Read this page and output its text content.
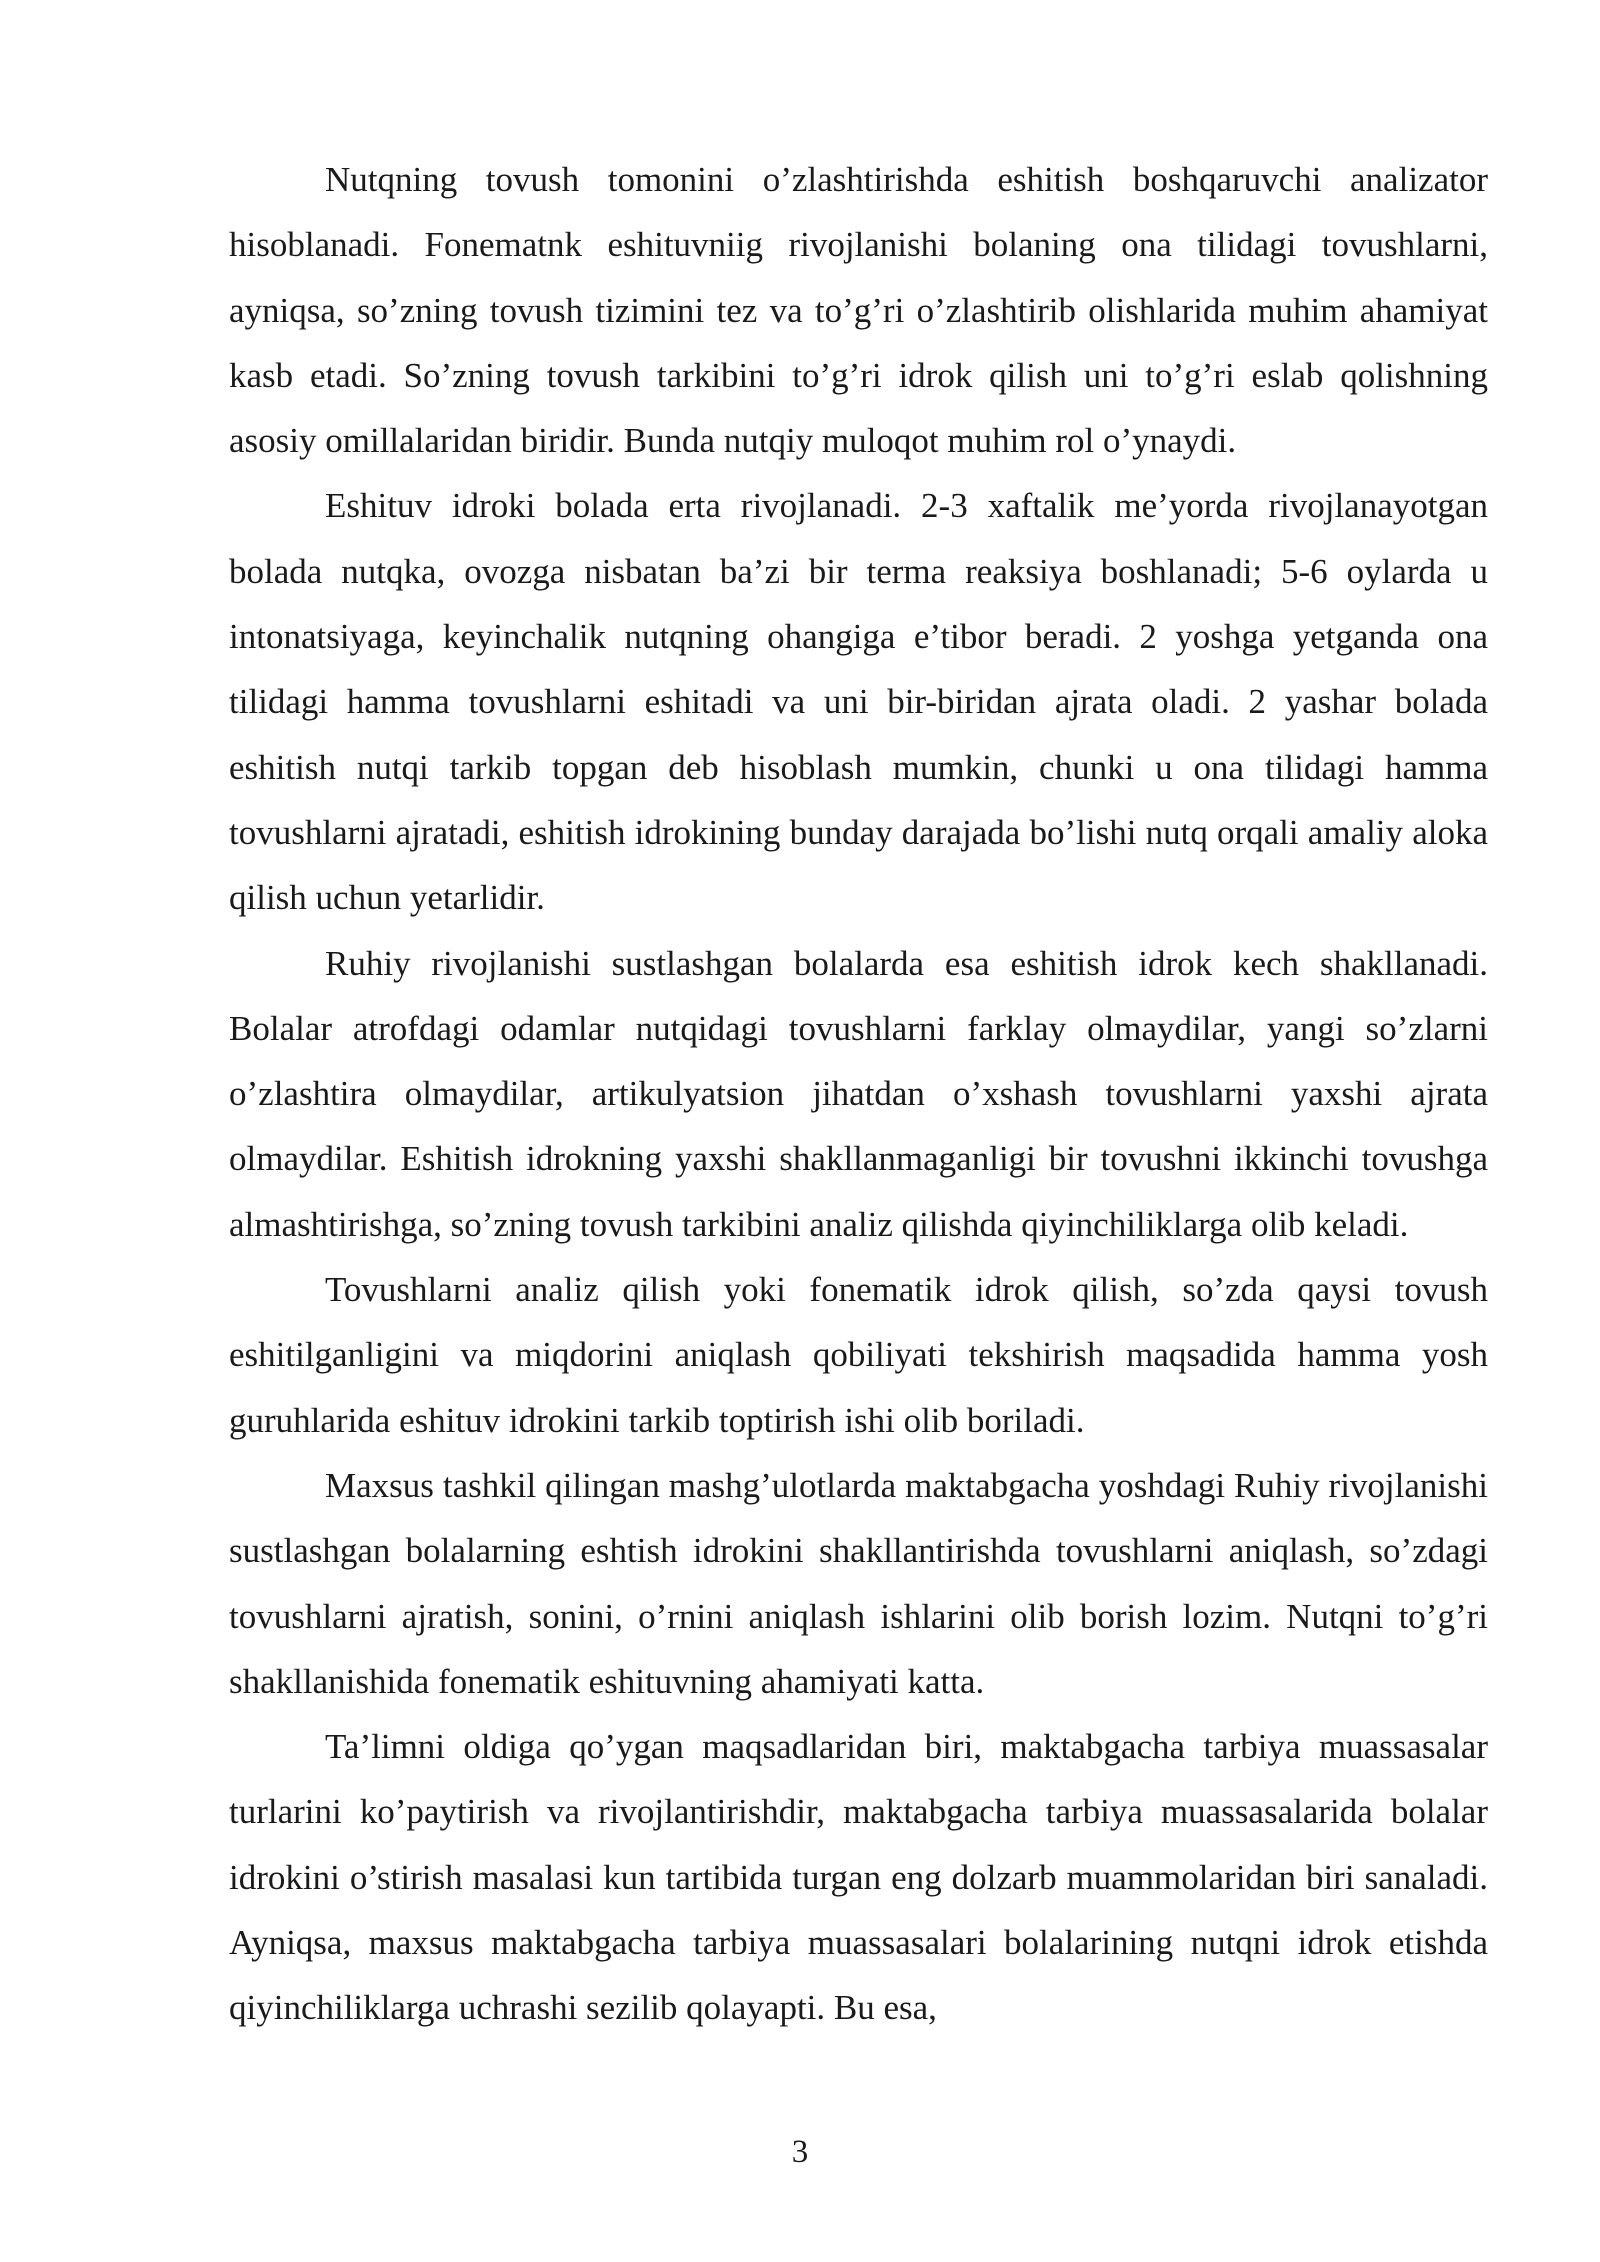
Nutqning tovush tomonini o’zlashtirishda eshitish boshqaruvchi analizator hisoblanadi. Fonematnk eshituvniig rivojlanishi bolaning ona tilidagi tovushlarni, ayniqsa, so’zning tovush tizimini tez va to’g’ri o’zlashtirib olishlarida muhim ahamiyat kasb etadi. So’zning tovush tarkibini to’g’ri idrok qilish uni to’g’ri eslab qolishning asosiy omillalaridan biridir. Bunda nutqiy muloqot muhim rol o’ynaydi.

Eshituv idroki bolada erta rivojlanadi. 2-3 xaftalik me’yorda rivojlanayotgan bolada nutqka, ovozga nisbatan ba’zi bir terma reaksiya boshlanadi; 5-6 oylarda u intonatsiyaga, keyinchalik nutqning ohangiga e’tibor beradi. 2 yoshga yetganda ona tilidagi hamma tovushlarni eshitadi va uni bir-biridan ajrata oladi. 2 yashar bolada eshitish nutqi tarkib topgan deb hisoblash mumkin, chunki u ona tilidagi hamma tovushlarni ajratadi, eshitish idrokining bunday darajada bo’lishi nutq orqali amaliy aloka qilish uchun yetarlidir.

Ruhiy rivojlanishi sustlashgan bolalarda esa eshitish idrok kech shakllanadi. Bolalar atrofdagi odamlar nutqidagi tovushlarni farklay olmaydilar, yangi so’zlarni o’zlashtira olmaydilar, artikulyatsion jihatdan o’xshash tovushlarni yaxshi ajrata olmaydilar. Eshitish idrokning yaxshi shakllanmaganligi bir tovushni ikkinchi tovushga almashtirishga, so’zning tovush tarkibini analiz qilishda qiyinchiliklarga olib keladi.

Tovushlarni analiz qilish yoki fonematik idrok qilish, so’zda qaysi tovush eshitilganligini va miqdorini aniqlash qobiliyati tekshirish maqsadida hamma yosh guruhlarida eshituv idrokini tarkib toptirish ishi olib boriladi.

Maxsus tashkil qilingan mashg’ulotlarda maktabgacha yoshdagi Ruhiy rivojlanishi sustlashgan bolalarning eshtish idrokini shakllantirishda tovushlarni aniqlash, so’zdagi tovushlarni ajratish, sonini, o’rnini aniqlash ishlarini olib borish lozim. Nutqni to’g’ri shakllanishida fonematik eshituvning ahamiyati katta.

Ta’limni oldiga qo’ygan maqsadlaridan biri, maktabgacha tarbiya muassasalar turlarini ko’paytirish va rivojlantirishdir, maktabgacha tarbiya muassasalarida bolalar idrokini o’stirish masalasi kun tartibida turgan eng dolzarb muammolaridan biri sanaladi. Ayniqsa, maxsus maktabgacha tarbiya muassasalari bolalarining nutqni idrok etishda qiyinchiliklarga uchrashi sezilib qolayapti. Bu esa,

3
